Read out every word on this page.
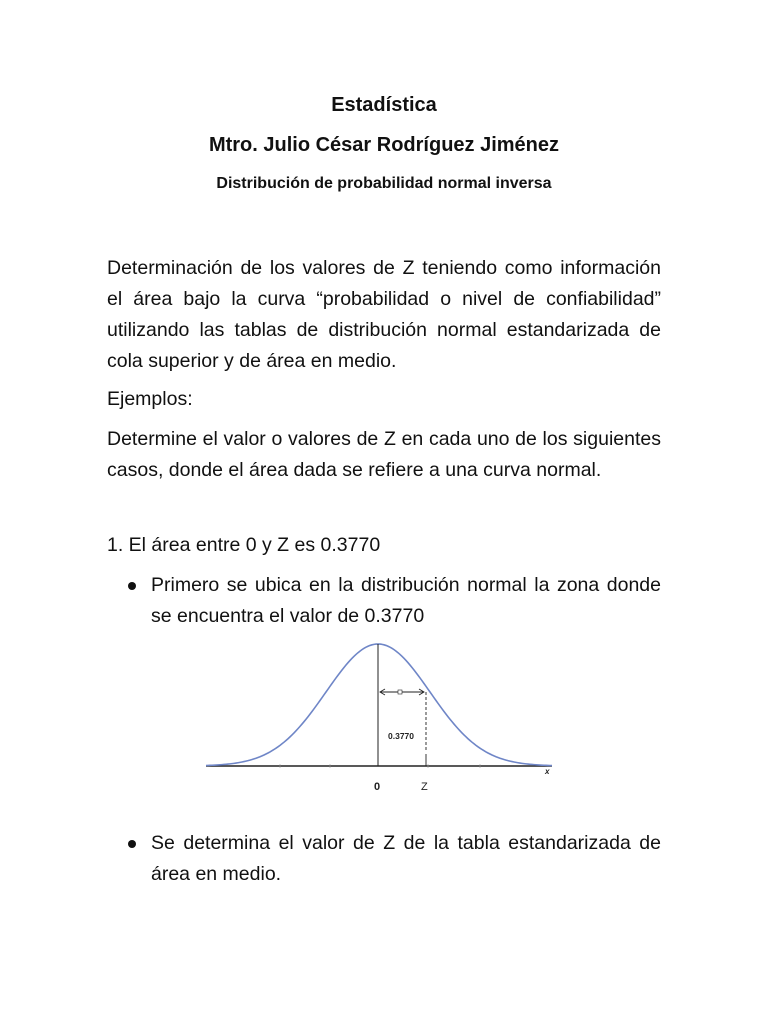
Estadística
Mtro. Julio César Rodríguez Jiménez
Distribución de probabilidad normal inversa

Determinación de los valores de Z teniendo como información el área bajo la curva “probabilidad o nivel de confiabilidad” utilizando las tablas de distribución normal estandarizada de cola superior y de área en medio.

Ejemplos:

Determine el valor o valores de Z en cada uno de los siguientes casos, donde el área dada se refiere a una curva normal.

1. El área entre 0 y Z es 0.3770

Primero se ubica en la distribución normal la zona donde se encuentra el valor de 0.3770

0.3770
0	Z
x

Se determina el valor de Z de la tabla estandarizada de área en medio.
